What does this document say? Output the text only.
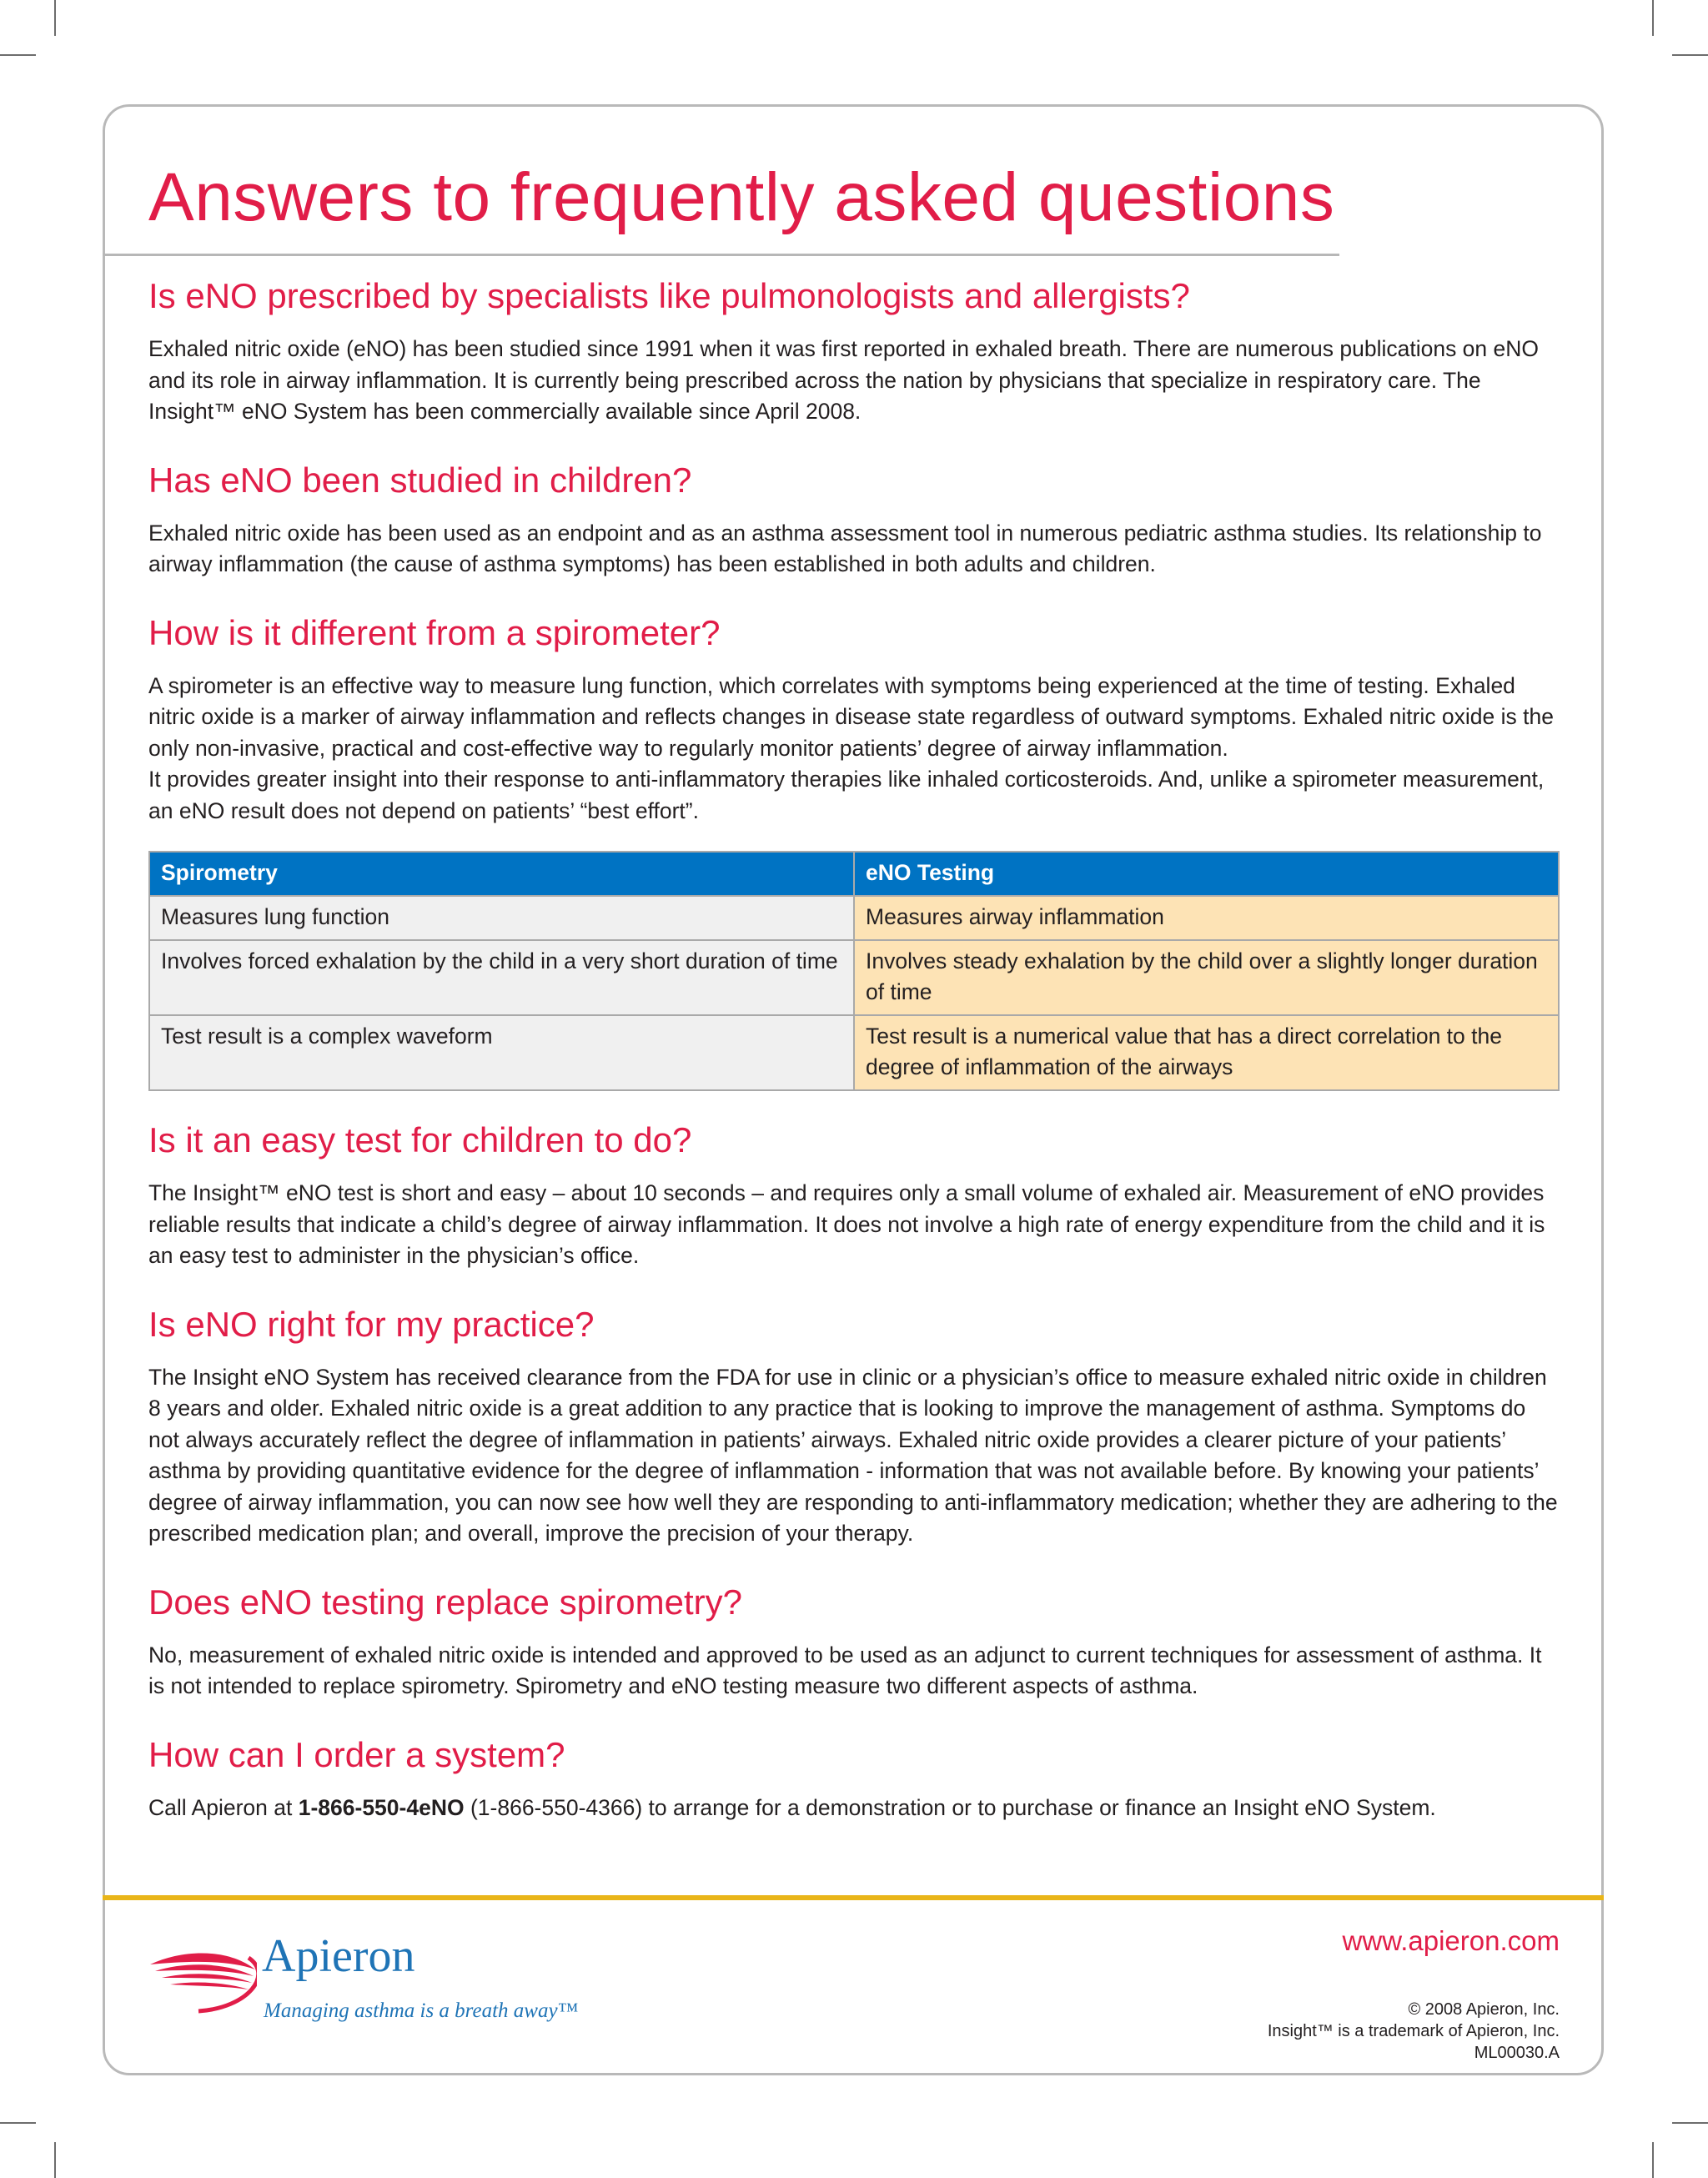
Answers to frequently asked questions
Is eNO prescribed by specialists like pulmonologists and allergists?

Exhaled nitric oxide (eNO) has been studied since 1991 when it was first reported in exhaled breath. There are numerous publications on eNO and its role in airway inflammation. It is currently being prescribed across the nation by physicians that specialize in respiratory care. The Insight™ eNO System has been commercially available since April 2008.

Has eNO been studied in children?

Exhaled nitric oxide has been used as an endpoint and as an asthma assessment tool in numerous pediatric asthma studies. Its relationship to airway inflammation (the cause of asthma symptoms) has been established in both adults and children.

How is it different from a spirometer?

A spirometer is an effective way to measure lung function, which correlates with symptoms being experienced at the time of testing. Exhaled nitric oxide is a marker of airway inflammation and reflects changes in disease state regardless of outward symptoms. Exhaled nitric oxide is the only non-invasive, practical and cost-effective way to regularly monitor patients’ degree of airway inflammation.

It provides greater insight into their response to anti-inflammatory therapies like inhaled corticosteroids. And, unlike a spirometer measurement, an eNO result does not depend on patients’ “best effort”.

Spirometry	eNO Testing
Measures lung function	Measures airway inflammation
Involves forced exhalation by the child in a very short duration of time	Involves steady exhalation by the child over a slightly longer duration of time
Test result is a complex waveform	Test result is a numerical value that has a direct correlation to the degree of inflammation of the airways
Is it an easy test for children to do?

The Insight™ eNO test is short and easy – about 10 seconds – and requires only a small volume of exhaled air. Measurement of eNO provides reliable results that indicate a child’s degree of airway inflammation. It does not involve a high rate of energy expenditure from the child and it is an easy test to administer in the physician’s office.

Is eNO right for my practice?

The Insight eNO System has received clearance from the FDA for use in clinic or a physician’s office to measure exhaled nitric oxide in children 8 years and older. Exhaled nitric oxide is a great addition to any practice that is looking to improve the management of asthma. Symptoms do not always accurately reflect the degree of inflammation in patients’ airways. Exhaled nitric oxide provides a clearer picture of your patients’ asthma by providing quantitative evidence for the degree of inflammation - information that was not available before. By knowing your patients’ degree of airway inflammation, you can now see how well they are responding to anti-inflammatory medication; whether they are adhering to the prescribed medication plan; and overall, improve the precision of your therapy.

Does eNO testing replace spirometry?

No, measurement of exhaled nitric oxide is intended and approved to be used as an adjunct to current techniques for assessment of asthma. It is not intended to replace spirometry. Spirometry and eNO testing measure two different aspects of asthma.

How can I order a system?

Call Apieron at 1-866-550-4eNO (1-866-550-4366) to arrange for a demonstration or to purchase or finance an Insight eNO System.

Apieron

Managing asthma is a breath away™

www.apieron.com

© 2008 Apieron, Inc.

Insight™ is a trademark of Apieron, Inc.

ML00030.A
